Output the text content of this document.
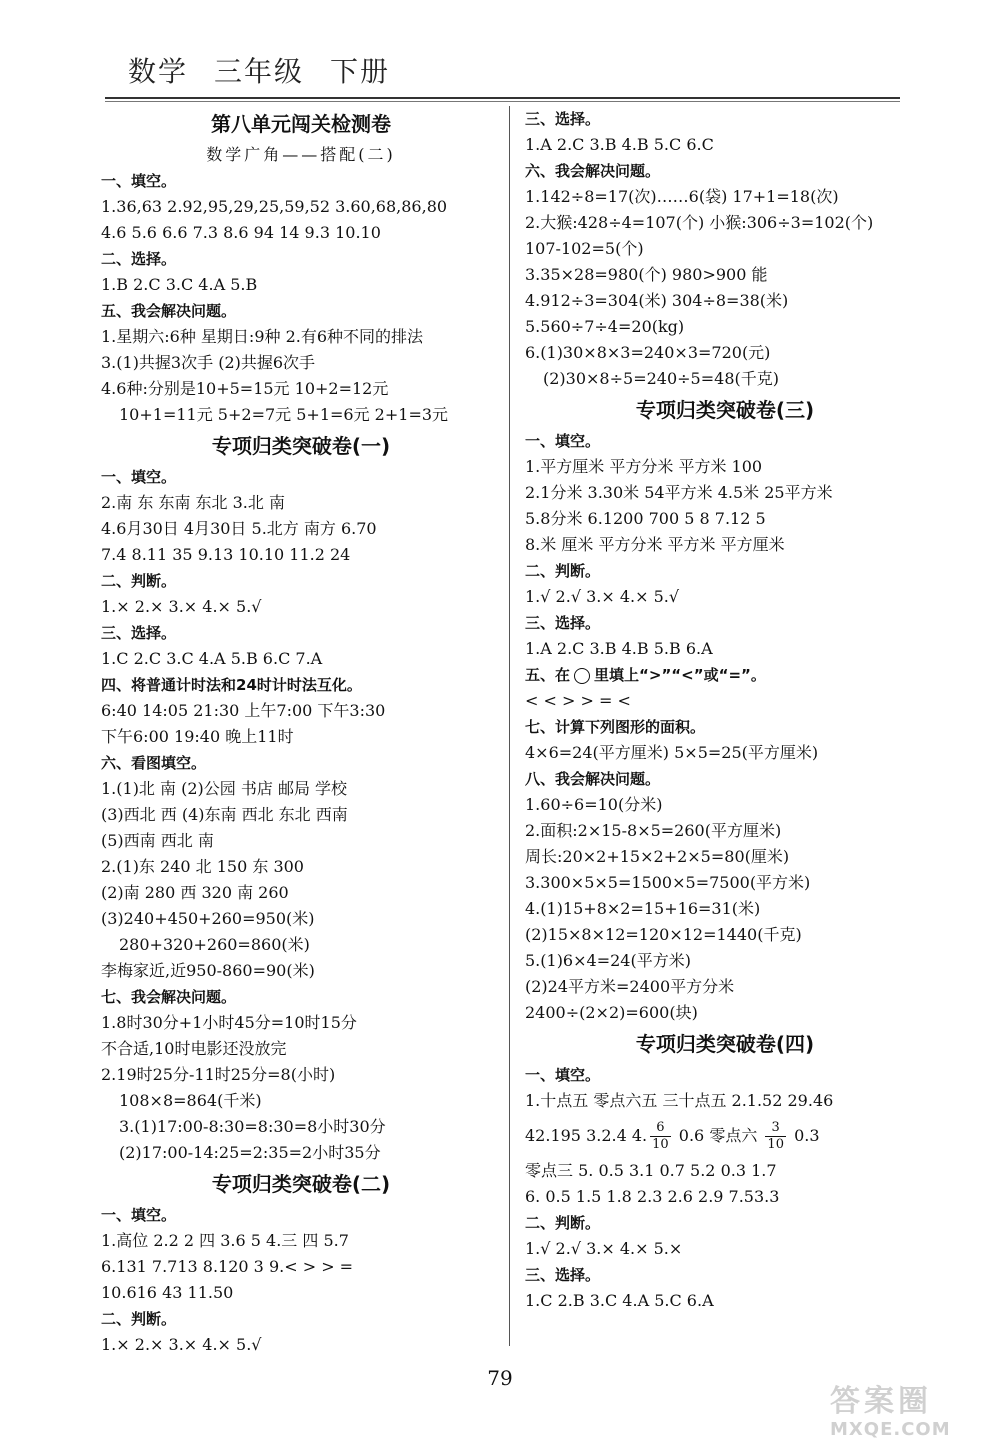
数学 三年级 下册
第八单元闯关检测卷
数学广角——搭配(二)
一、填空。
1.36,63 2.92,95,29,25,59,52 3.60,68,86,80
4.6 5.6 6.6 7.3 8.6 94 14 9.3 10.10
二、选择。
1.B 2.C 3.C 4.A 5.B
五、我会解决问题。
1.星期六:6种 星期日:9种 2.有6种不同的排法
3.(1)共握3次手 (2)共握6次手
4.6种:分别是10+5=15元 10+2=12元
10+1=11元 5+2=7元 5+1=6元 2+1=3元
专项归类突破卷(一)
一、填空。
2.南 东 东南 东北 3.北 南
4.6月30日 4月30日 5.北方 南方 6.70
7.4 8.11 35 9.13 10.10 11.2 24
二、判断。
1.× 2.× 3.× 4.× 5.√
三、选择。
1.C 2.C 3.C 4.A 5.B 6.C 7.A
四、将普通计时法和24时计时法互化。
6:40 14:05 21:30 上午7:00 下午3:30
下午6:00 19:40 晚上11时
六、看图填空。
1.(1)北 南 (2)公园 书店 邮局 学校
(3)西北 西 (4)东南 西北 东北 西南
(5)西南 西北 南
2.(1)东 240 北 150 东 300
(2)南 280 西 320 南 260
(3)240+450+260=950(米)
280+320+260=860(米)
李梅家近,近950-860=90(米)
七、我会解决问题。
1.8时30分+1小时45分=10时15分
不合适,10时电影还没放完
2.19时25分-11时25分=8(小时)
108×8=864(千米)
3.(1)17:00-8:30=8:30=8小时30分
(2)17:00-14:25=2:35=2小时35分
专项归类突破卷(二)
一、填空。
1.高位 2.2 2 四 3.6 5 4.三 四 5.7
6.131 7.713 8.120 3 9.< > > =
10.616 43 11.50
二、判断。
1.× 2.× 3.× 4.× 5.√
三、选择。
1.A 2.C 3.B 4.B 5.C 6.C
六、我会解决问题。
1.142÷8=17(次)……6(袋) 17+1=18(次)
2.大猴:428÷4=107(个) 小猴:306÷3=102(个)
107-102=5(个)
3.35×28=980(个) 980>900 能
4.912÷3=304(米) 304÷8=38(米)
5.560÷7÷4=20(kg)
6.(1)30×8×3=240×3=720(元)
(2)30×8÷5=240÷5=48(千克)
专项归类突破卷(三)
一、填空。
1.平方厘米 平方分米 平方米 100
2.1分米 3.30米 54平方米 4.5米 25平方米
5.8分米 6.1200 700 5 8 7.12 5
8.米 厘米 平方分米 平方米 平方厘米
二、判断。
1.√ 2.√ 3.× 4.× 5.√
三、选择。
1.A 2.C 3.B 4.B 5.B 6.A
五、在 里填上“>”“<”或“=”。
< < > > = <
七、计算下列图形的面积。
4×6=24(平方厘米) 5×5=25(平方厘米)
八、我会解决问题。
1.60÷6=10(分米)
2.面积:2×15-8×5=260(平方厘米)
周长:20×2+15×2+2×5=80(厘米)
3.300×5×5=1500×5=7500(平方米)
4.(1)15+8×2=15+16=31(米)
(2)15×8×12=120×12=1440(千克)
5.(1)6×4=24(平方米)
(2)24平方米=2400平方分米
2400÷(2×2)=600(块)
专项归类突破卷(四)
一、填空。
1.十点五 零点六五 三十点五 2.1.52 29.46
42.195 3.2.4 4. $\frac{6}{10} 0.6$ 零点六 $\frac{3}{10} 0.3$
零点三 5. 0.5 3.1 0.7 5.2 0.3 1.7
6. 0.5 1.5 1.8 2.3 2.6 2.9 7.53.3
二、判断。
1.√ 2.√ 3.× 4.× 5.×
三、选择。
1.C 2.B 3.C 4.A 5.C 6.A
79
答案圈
MXQE.COM
